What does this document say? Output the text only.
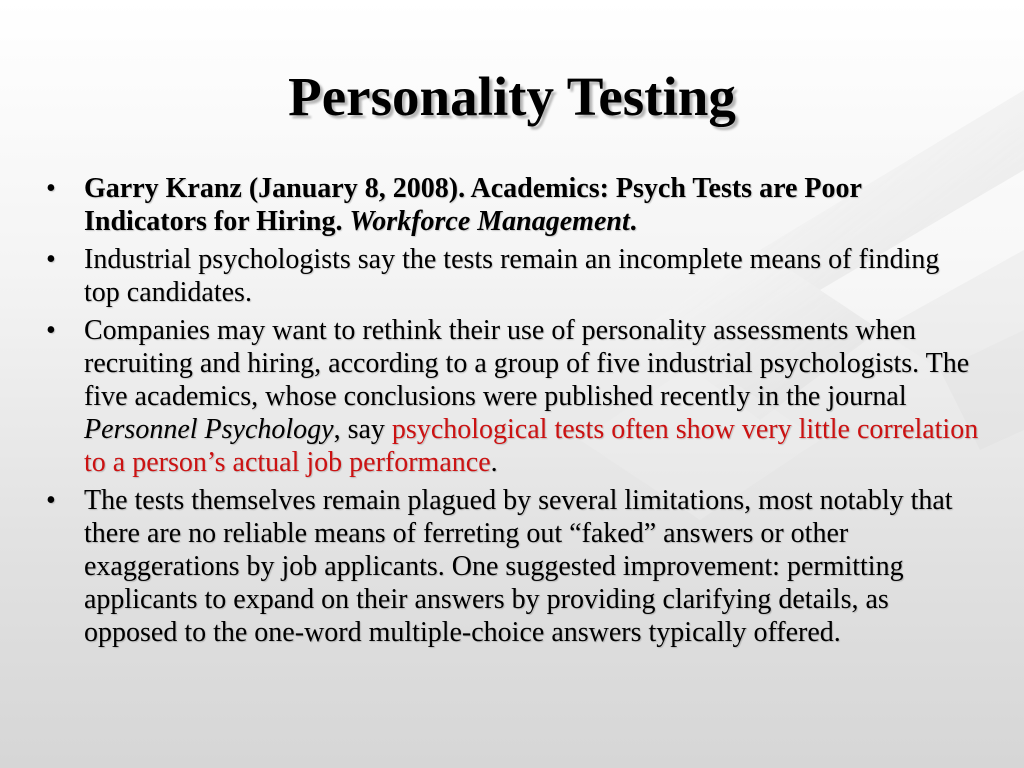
Personality Testing
•	Garry Kranz (January 8, 2008). Academics: Psych Tests are Poor Indicators for Hiring. Workforce Management.
•	Industrial psychologists say the tests remain an incomplete means of finding top candidates.
•	Companies may want to rethink their use of personality assessments when recruiting and hiring, according to a group of five industrial psychologists. The five academics, whose conclusions were published recently in the journal Personnel Psychology, say psychological tests often show very little correlation to a person’s actual job performance.
•	The tests themselves remain plagued by several limitations, most notably that there are no reliable means of ferreting out “faked” answers or other exaggerations by job applicants. One suggested improvement: permitting applicants to expand on their answers by providing clarifying details, as opposed to the one-word multiple-choice answers typically offered.
